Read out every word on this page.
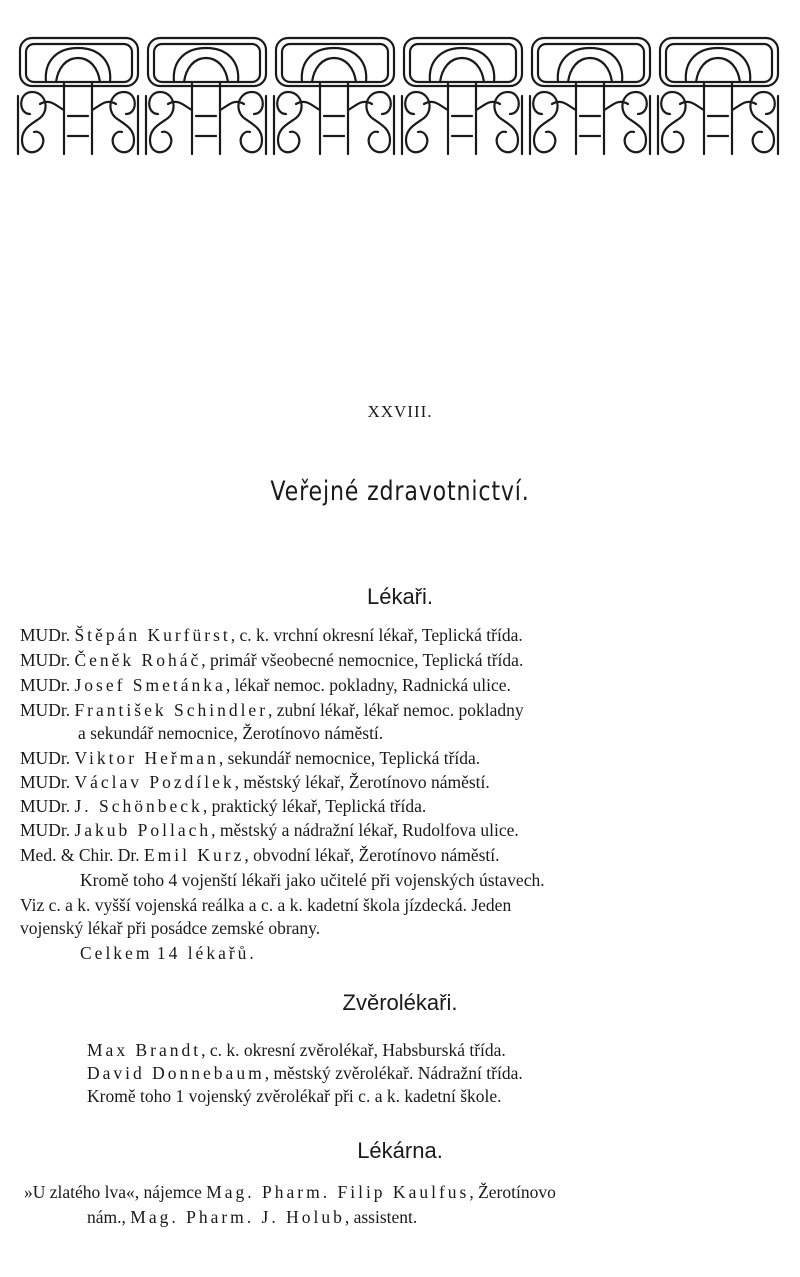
XXVIII.
Veřejné zdravotnictví.
Lékaři.
MUDr. Štěpán Kurfürst, c. k. vrchní okresní lékař, Teplická třída.
MUDr. Čeněk Roháč, primář všeobecné nemocnice, Teplická třída.
MUDr. Josef Smetánka, lékař nemoc. pokladny, Radnická ulice.
MUDr. František Schindler, zubní lékař, lékař nemoc. pokladny
a sekundář nemocnice, Žerotínovo náměstí.
MUDr. Viktor Heřman, sekundář nemocnice, Teplická třída.
MUDr. Václav Pozdílek, městský lékař, Žerotínovo náměstí.
MUDr. J. Schönbeck, praktický lékař, Teplická třída.
MUDr. Jakub Pollach, městský a nádražní lékař, Rudolfova ulice.
Med. & Chir. Dr. Emil Kurz, obvodní lékař, Žerotínovo náměstí.
Kromě toho 4 vojenští lékaři jako učitelé při vojenských ústavech.
Viz c. a k. vyšší vojenská reálka a c. a k. kadetní škola jízdecká. Jeden
vojenský lékař při posádce zemské obrany.
Celkem 14 lékařů.
Zvěrolékaři.
Max Brandt, c. k. okresní zvěrolékař, Habsburská třída.
David Donnebaum, městský zvěrolékař. Nádražní třída.
Kromě toho 1 vojenský zvěrolékař při c. a k. kadetní škole.
Lékárna.
»U zlatého lva«, nájemce Mag. Pharm. Filip Kaulfus, Žerotínovo
nám., Mag. Pharm. J. Holub, assistent.
